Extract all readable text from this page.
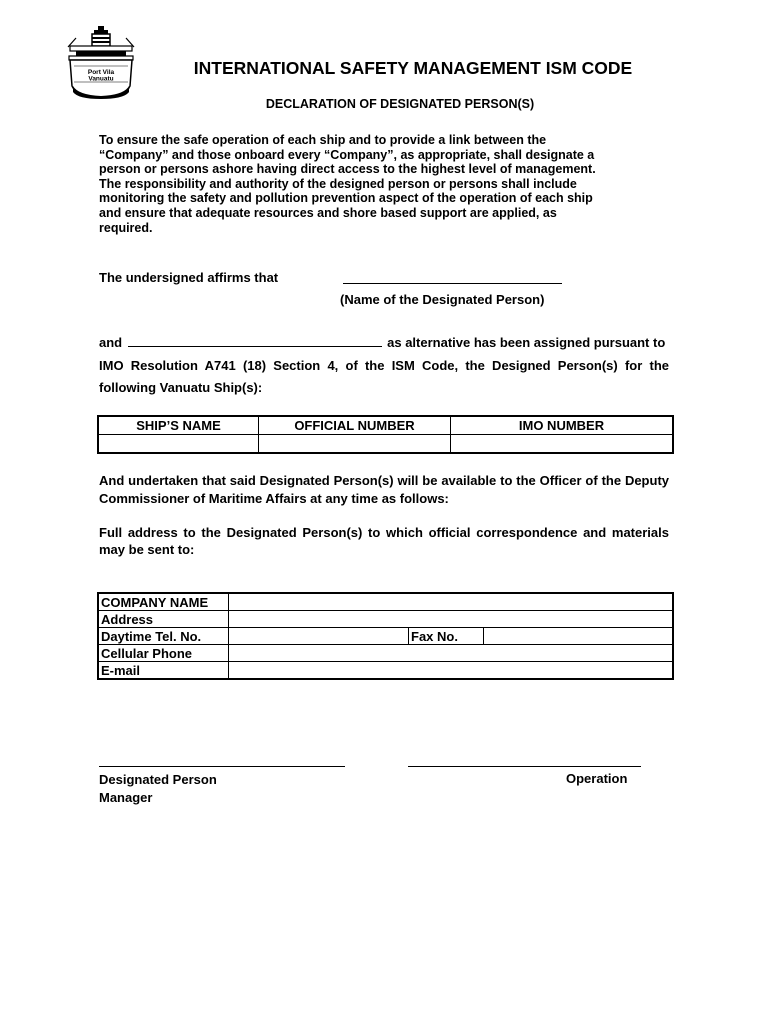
Port Vila
Vanuatu
INTERNATIONAL SAFETY MANAGEMENT ISM CODE
DECLARATION OF DESIGNATED PERSON(S)
To ensure the safe operation of each ship and to provide a link between the
“Company” and those onboard every “Company”, as appropriate, shall designate a
person or persons ashore having direct access to the highest level of management.
The responsibility and authority of the designed person or persons shall include
monitoring the safety and pollution prevention aspect of the operation of each ship
and ensure that adequate resources and shore based support are applied, as
required.
The undersigned affirms that
(Name of the Designated Person)
and	as alternative has been assigned pursuant to
IMO Resolution A741 (18) Section 4, of the ISM Code, the Designed Person(s) for the
following Vanuatu Ship(s):
SHIP’S NAME	OFFICIAL NUMBER	IMO NUMBER

And undertaken that said Designated Person(s) will be available to the Officer of the Deputy Commissioner of Maritime Affairs at any time as follows:
Full address to the Designated Person(s) to which official correspondence and materials may be sent to:
COMPANY NAME			
Address			
Daytime Tel. No.		Fax No.	
Cellular Phone			
E-mail			
Designated Person
Manager
Operation
